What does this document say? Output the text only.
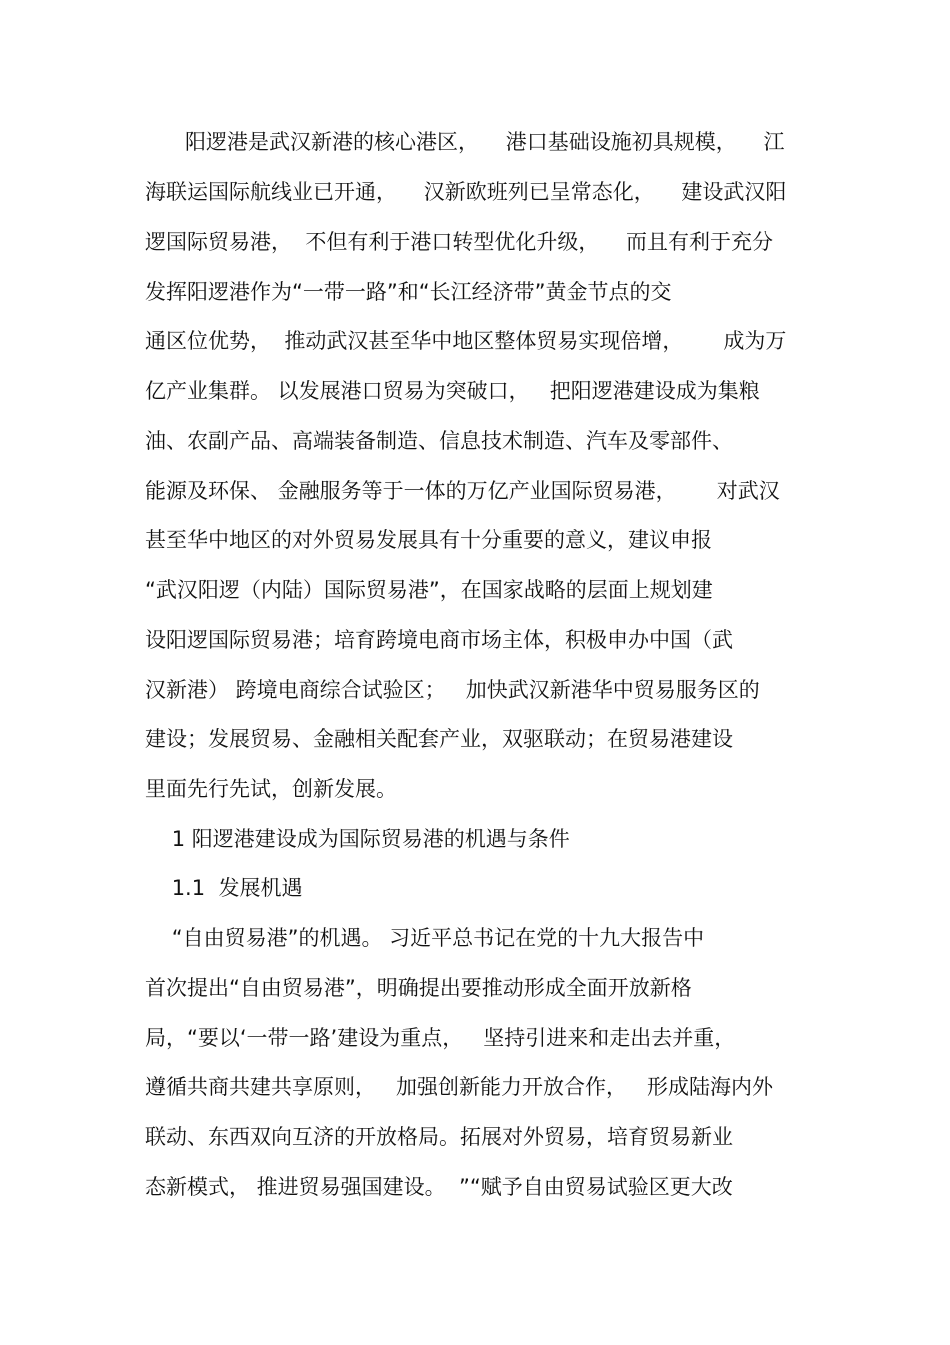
阳逻港是武汉新港的核心港区，    港口基础设施初具规模，    江

海联运国际航线业已开通，    汉新欧班列已呈常态化，    建设武汉阳

逻国际贸易港，  不但有利于港口转型优化升级，    而且有利于充分

发挥阳逻港作为“一带一路”和“长江经济带”黄金节点的交

通区位优势，  推动武汉甚至华中地区整体贸易实现倍增，      成为万

亿产业集群。 以发展港口贸易为突破口，   把阳逻港建设成为集粮

油、农副产品、高端装备制造、信息技术制造、汽车及零部件、

能源及环保、 金融服务等于一体的万亿产业国际贸易港，      对武汉

甚至华中地区的对外贸易发展具有十分重要的意义，建议申报

“武汉阳逻（内陆）国际贸易港”，在国家战略的层面上规划建

设阳逻国际贸易港；培育跨境电商市场主体，积极申办中国（武

汉新港） 跨境电商综合试验区；   加快武汉新港华中贸易服务区的

建设；发展贸易、金融相关配套产业，双驱联动；在贸易港建设

里面先行先试，创新发展。

1 阳逻港建设成为国际贸易港的机遇与条件

1.1  发展机遇

“自由贸易港”的机遇。 习近平总书记在党的十九大报告中

首次提出“自由贸易港”，明确提出要推动形成全面开放新格

局，“要以‘一带一路’建设为重点，   坚持引进来和走出去并重，

遵循共商共建共享原则，   加强创新能力开放合作，   形成陆海内外

联动、东西双向互济的开放格局。拓展对外贸易，培育贸易新业

态新模式， 推进贸易强国建设。  ”“赋予自由贸易试验区更大改
